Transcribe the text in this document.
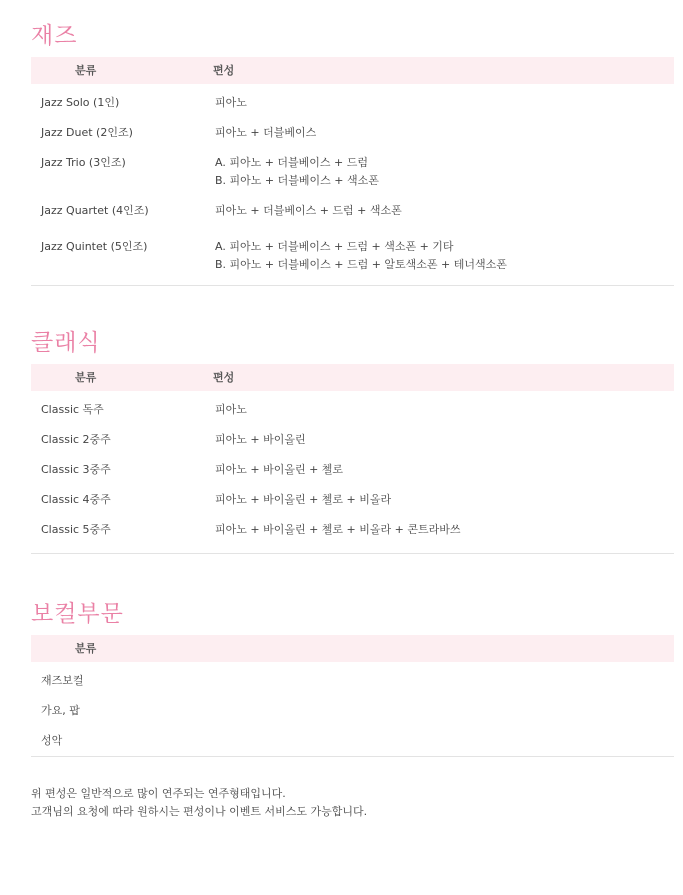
재즈
분류	편성
Jazz Solo (1인)	피아노
Jazz Duet (2인조)	피아노 + 더블베이스
Jazz Trio (3인조)	A. 피아노 + 더블베이스 + 드럼
B. 피아노 + 더블베이스 + 색소폰
Jazz Quartet (4인조)	피아노 + 더블베이스 + 드럼 + 색소폰
Jazz Quintet (5인조)	A. 피아노 + 더블베이스 + 드럼 + 색소폰 + 기타
B. 피아노 + 더블베이스 + 드럼 + 알토색소폰 + 테너색소폰
클래식
분류	편성
Classic 독주	피아노
Classic 2중주	피아노 + 바이올린
Classic 3중주	피아노 + 바이올린 + 첼로
Classic 4중주	피아노 + 바이올린 + 첼로 + 비올라
Classic 5중주	피아노 + 바이올린 + 첼로 + 비올라 + 콘트라바쓰
보컬부문
분류
재즈보컬
가요, 팝
성악
위 편성은 일반적으로 많이 연주되는 연주형태입니다.
고객님의 요청에 따라 원하시는 편성이나 이벤트 서비스도 가능합니다.
